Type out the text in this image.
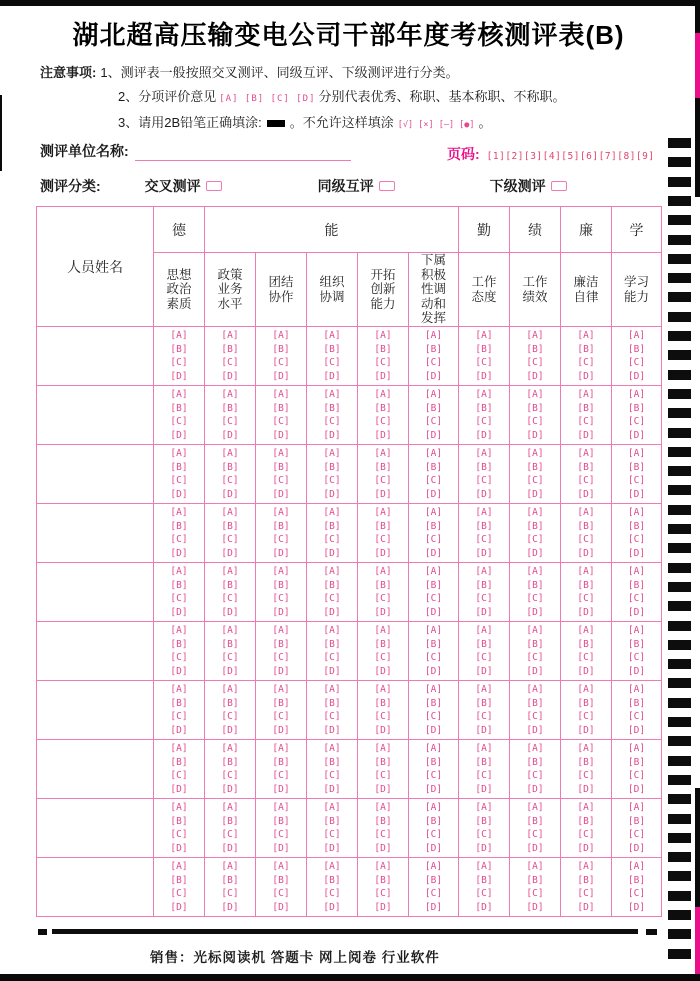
湖北超高压输变电公司干部年度考核测评表(B)
注意事项: 1、测评表一般按照交叉测评、同级互评、下级测评进行分类。
2、分项评价意见 [A] [B] [C] [D] 分别代表优秀、称职、基本称职、不称职。
3、请用2B铅笔正确填涂: 。不允许这样填涂 [√] [×] [—] [●] 。
测评单位名称:	页码: [1][2][3][4][5][6][7][8][9]
测评分类:	交叉测评	同级互评	下级测评
人员姓名	德	能					勤	绩	廉	学
	思想政治素质	政策业务水平	团结协作	组织协调	开拓创新能力	下属积极性调动和发挥	工作态度	工作绩效	廉洁自律	学习能力

	[A]
[B]
[C]
[D]	[A]
[B]
[C]
[D]	[A]
[B]
[C]
[D]	[A]
[B]
[C]
[D]	[A]
[B]
[C]
[D]	[A]
[B]
[C]
[D]	[A]
[B]
[C]
[D]	[A]
[B]
[C]
[D]	[A]
[B]
[C]
[D]	[A]
[B]
[C]
[D]

	[A]
[B]
[C]
[D]	[A]
[B]
[C]
[D]	[A]
[B]
[C]
[D]	[A]
[B]
[C]
[D]	[A]
[B]
[C]
[D]	[A]
[B]
[C]
[D]	[A]
[B]
[C]
[D]	[A]
[B]
[C]
[D]	[A]
[B]
[C]
[D]	[A]
[B]
[C]
[D]

	[A]
[B]
[C]
[D]	[A]
[B]
[C]
[D]	[A]
[B]
[C]
[D]	[A]
[B]
[C]
[D]	[A]
[B]
[C]
[D]	[A]
[B]
[C]
[D]	[A]
[B]
[C]
[D]	[A]
[B]
[C]
[D]	[A]
[B]
[C]
[D]	[A]
[B]
[C]
[D]

	[A]
[B]
[C]
[D]	[A]
[B]
[C]
[D]	[A]
[B]
[C]
[D]	[A]
[B]
[C]
[D]	[A]
[B]
[C]
[D]	[A]
[B]
[C]
[D]	[A]
[B]
[C]
[D]	[A]
[B]
[C]
[D]	[A]
[B]
[C]
[D]	[A]
[B]
[C]
[D]

	[A]
[B]
[C]
[D]	[A]
[B]
[C]
[D]	[A]
[B]
[C]
[D]	[A]
[B]
[C]
[D]	[A]
[B]
[C]
[D]	[A]
[B]
[C]
[D]	[A]
[B]
[C]
[D]	[A]
[B]
[C]
[D]	[A]
[B]
[C]
[D]	[A]
[B]
[C]
[D]

	[A]
[B]
[C]
[D]	[A]
[B]
[C]
[D]	[A]
[B]
[C]
[D]	[A]
[B]
[C]
[D]	[A]
[B]
[C]
[D]	[A]
[B]
[C]
[D]	[A]
[B]
[C]
[D]	[A]
[B]
[C]
[D]	[A]
[B]
[C]
[D]	[A]
[B]
[C]
[D]

	[A]
[B]
[C]
[D]	[A]
[B]
[C]
[D]	[A]
[B]
[C]
[D]	[A]
[B]
[C]
[D]	[A]
[B]
[C]
[D]	[A]
[B]
[C]
[D]	[A]
[B]
[C]
[D]	[A]
[B]
[C]
[D]	[A]
[B]
[C]
[D]	[A]
[B]
[C]
[D]

	[A]
[B]
[C]
[D]	[A]
[B]
[C]
[D]	[A]
[B]
[C]
[D]	[A]
[B]
[C]
[D]	[A]
[B]
[C]
[D]	[A]
[B]
[C]
[D]	[A]
[B]
[C]
[D]	[A]
[B]
[C]
[D]	[A]
[B]
[C]
[D]	[A]
[B]
[C]
[D]

	[A]
[B]
[C]
[D]	[A]
[B]
[C]
[D]	[A]
[B]
[C]
[D]	[A]
[B]
[C]
[D]	[A]
[B]
[C]
[D]	[A]
[B]
[C]
[D]	[A]
[B]
[C]
[D]	[A]
[B]
[C]
[D]	[A]
[B]
[C]
[D]	[A]
[B]
[C]
[D]

	[A]
[B]
[C]
[D]	[A]
[B]
[C]
[D]	[A]
[B]
[C]
[D]	[A]
[B]
[C]
[D]	[A]
[B]
[C]
[D]	[A]
[B]
[C]
[D]	[A]
[B]
[C]
[D]	[A]
[B]
[C]
[D]	[A]
[B]
[C]
[D]	[A]
[B]
[C]
[D]
销售：光标阅读机 答题卡 网上阅卷 行业软件
